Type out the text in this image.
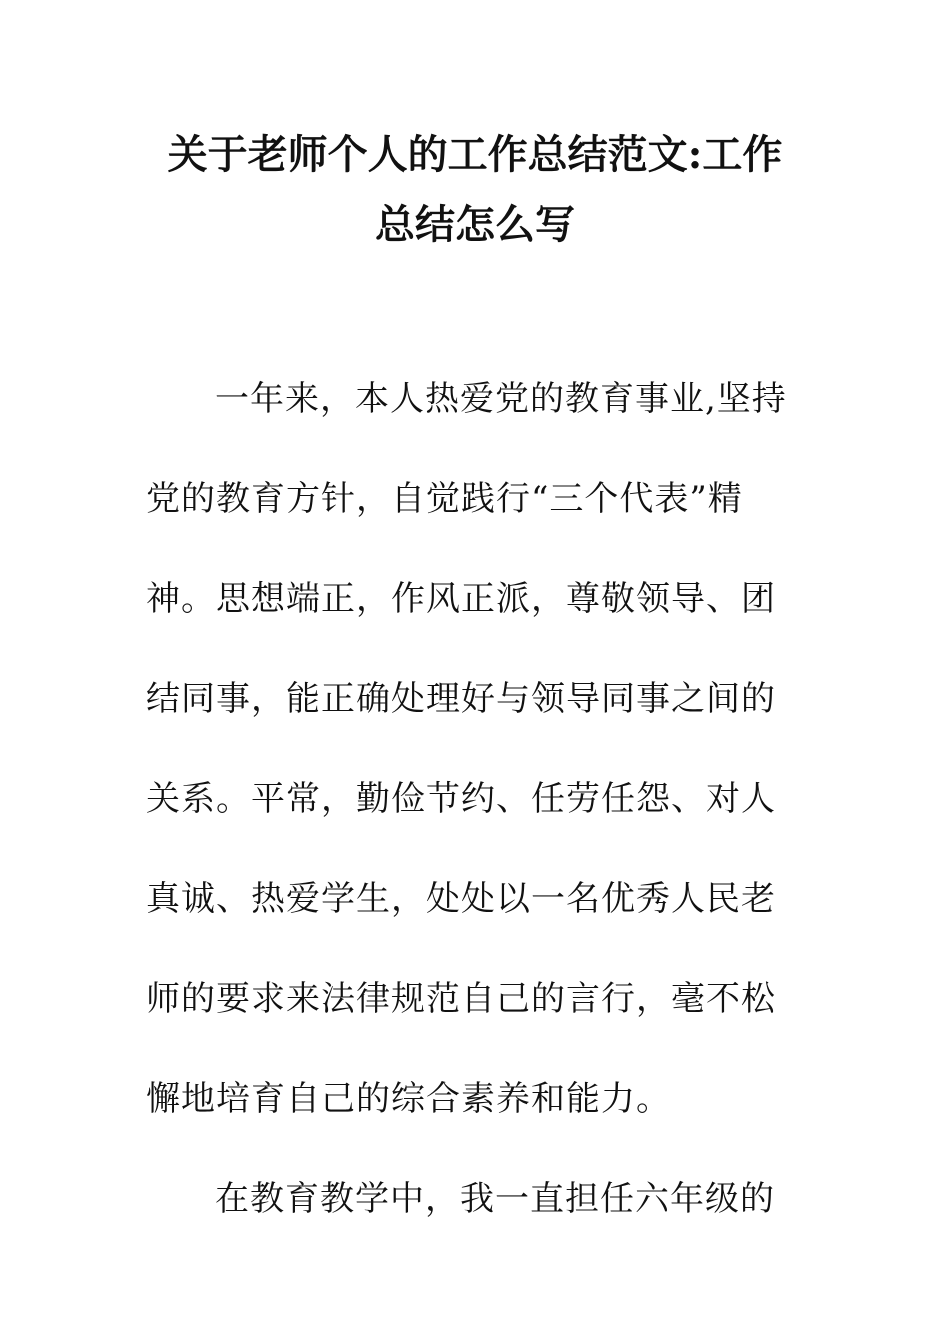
关于老师个人的工作总结范文:工作
总结怎么写
一年来，本人热爱党的教育事业,坚持
党的教育方针，自觉践行“三个代表”精
神。思想端正，作风正派，尊敬领导、团
结同事，能正确处理好与领导同事之间的
关系。平常，勤俭节约、任劳任怨、对人
真诚、热爱学生，处处以一名优秀人民老
师的要求来法律规范自己的言行，毫不松
懈地培育自己的综合素养和能力。
在教育教学中，我一直担任六年级的
